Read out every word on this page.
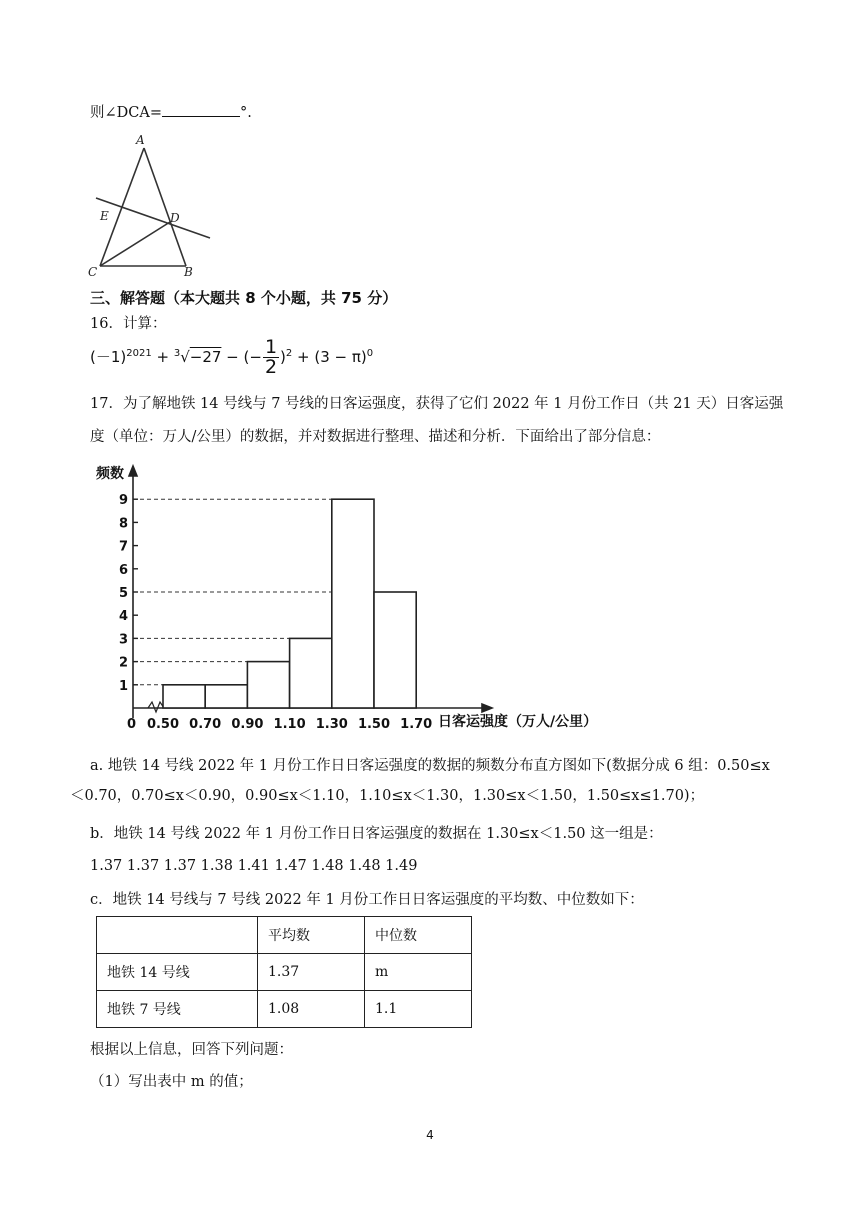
则∠DCA=	°.
A
E	D
C	B
三、解答题（本大题共 8 个小题，共 75 分）
16．计算：
$(-1)^{2021} + ^3√-27$ − (− $\frac{1}{2} )^2 + (3 - \pi)^0$
17．为了解地铁 14 号线与 7 号线的日客运强度，获得了它们 2022 年 1 月份工作日（共 21 天）日客运强
度（单位：万人/公里）的数据，并对数据进行整理、描述和分析．下面给出了部分信息：
1
2
3
4
5
6
7
8
9
0.50 0.70 0.90 1.10 1.30 1.50 1.70
频数
日客运强度（万人/公里）
0
a. 地铁 14 号线 2022 年 1 月份工作日日客运强度的数据的频数分布直方图如下(数据分成 6 组：0.50≤x
＜0.70，0.70≤x＜0.90，0.90≤x＜1.10，1.10≤x＜1.30，1.30≤x＜1.50，1.50≤x≤1.70)；
b．地铁 14 号线 2022 年 1 月份工作日日客运强度的数据在 1.30≤x＜1.50 这一组是：
1.37 1.37 1.37 1.38 1.41 1.47 1.48 1.48 1.49
c．地铁 14 号线与 7 号线 2022 年 1 月份工作日日客运强度的平均数、中位数如下：
	平均数	中位数
地铁 14 号线	1.37	m
地铁 7 号线	1.08	1.1
根据以上信息，回答下列问题：
（1）写出表中 m 的值；
4
